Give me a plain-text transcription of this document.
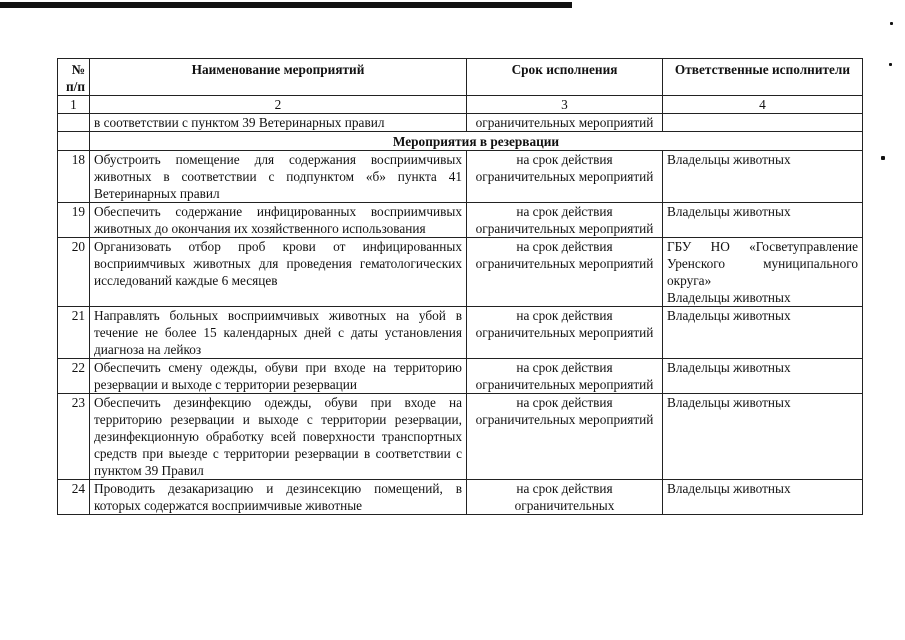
№ п/п	Наименование мероприятий	Срок исполнения	Ответственные исполнители
1	2	3	4
	в соответствии с пунктом 39 Ветеринарных правил	ограничительных мероприятий	
	Мероприятия в резервации		
18	Обустроить помещение для содержания восприимчивых животных в соответствии с подпунктом «б» пункта 41 Ветеринарных правил	на срок действия ограничительных мероприятий	Владельцы животных

19	Обеспечить содержание инфицированных восприимчивых животных до окончания их хозяйственного использования	на срок действия ограничительных мероприятий	Владельцы животных

20	Организовать отбор проб крови от инфицированных восприимчивых животных для проведения гематологических исследований каждые 6 месяцев	на срок действия ограничительных мероприятий	ГБУ НО «Госветуправление Уренского муниципального округа»
Владельцы животных

21	Направлять больных восприимчивых животных на убой в течение не более 15 календарных дней с даты установления диагноза на лейкоз	на срок действия ограничительных мероприятий	Владельцы животных

22	Обеспечить смену одежды, обуви при входе на территорию резервации и выходе с территории резервации	на срок действия ограничительных мероприятий	Владельцы животных

23	Обеспечить дезинфекцию одежды, обуви при входе на территорию резервации и выходе с территории резервации, дезинфекционную обработку всей поверхности транспортных средств при выезде с территории резервации в соответствии с пунктом 39 Правил	на срок действия ограничительных мероприятий	Владельцы животных

24	Проводить дезакаризацию и дезинсекцию помещений, в которых содержатся восприимчивые животные	на срок действия ограничительных	Владельцы животных
